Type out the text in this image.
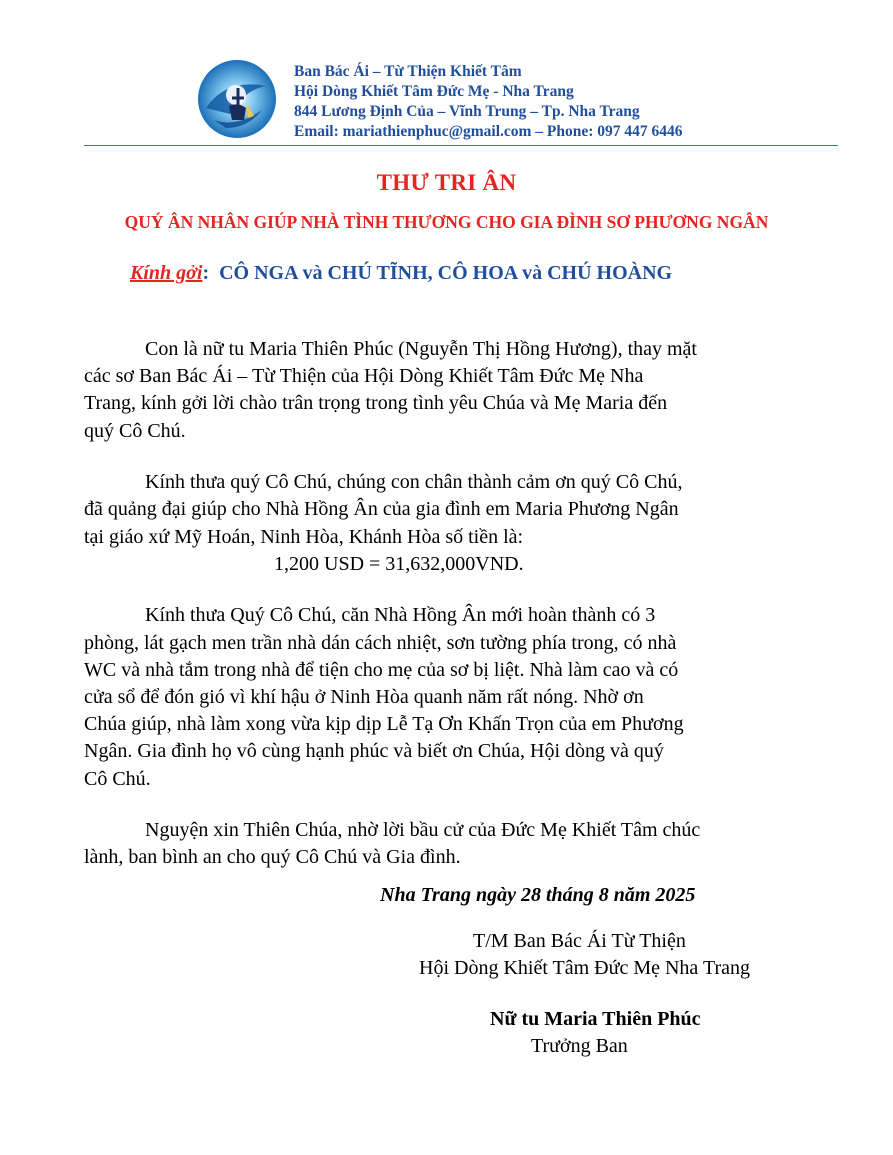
Ban Bác Ái – Từ Thiện Khiết Tâm
Hội Dòng Khiết Tâm Đức Mẹ - Nha Trang
844 Lương Định Của – Vĩnh Trung – Tp. Nha Trang
Email: mariathienphuc@gmail.com – Phone: 097 447 6446
THƯ TRI ÂN
QUÝ ÂN NHÂN GIÚP NHÀ TÌNH THƯƠNG CHO GIA ĐÌNH SƠ PHƯƠNG NGÂN
Kính gởi: CÔ NGA và CHÚ TĨNH, CÔ HOA và CHÚ HOÀNG

Con là nữ tu Maria Thiên Phúc (Nguyễn Thị Hồng Hương), thay mặt
các sơ Ban Bác Ái – Từ Thiện của Hội Dòng Khiết Tâm Đức Mẹ Nha
Trang, kính gởi lời chào trân trọng trong tình yêu Chúa và Mẹ Maria đến
quý Cô Chú.

Kính thưa quý Cô Chú, chúng con chân thành cảm ơn quý Cô Chú,
đã quảng đại giúp cho Nhà Hồng Ân của gia đình em Maria Phương Ngân
tại giáo xứ Mỹ Hoán, Ninh Hòa, Khánh Hòa số tiền là:
1,200 USD = 31,632,000VND.

Kính thưa Quý Cô Chú, căn Nhà Hồng Ân mới hoàn thành có 3
phòng, lát gạch men trần nhà dán cách nhiệt, sơn tường phía trong, có nhà
WC và nhà tắm trong nhà để tiện cho mẹ của sơ bị liệt. Nhà làm cao và có
cửa sổ để đón gió vì khí hậu ở Ninh Hòa quanh năm rất nóng. Nhờ ơn
Chúa giúp, nhà làm xong vừa kịp dịp Lễ Tạ Ơn Khấn Trọn của em Phương
Ngân. Gia đình họ vô cùng hạnh phúc và biết ơn Chúa, Hội dòng và quý
Cô Chú.

Nguyện xin Thiên Chúa, nhờ lời bầu cử của Đức Mẹ Khiết Tâm chúc
lành, ban bình an cho quý Cô Chú và Gia đình.

Nha Trang ngày 28 tháng 8 năm 2025
T/M Ban Bác Ái Từ Thiện
Hội Dòng Khiết Tâm Đức Mẹ Nha Trang
Nữ tu Maria Thiên Phúc
Trưởng Ban
